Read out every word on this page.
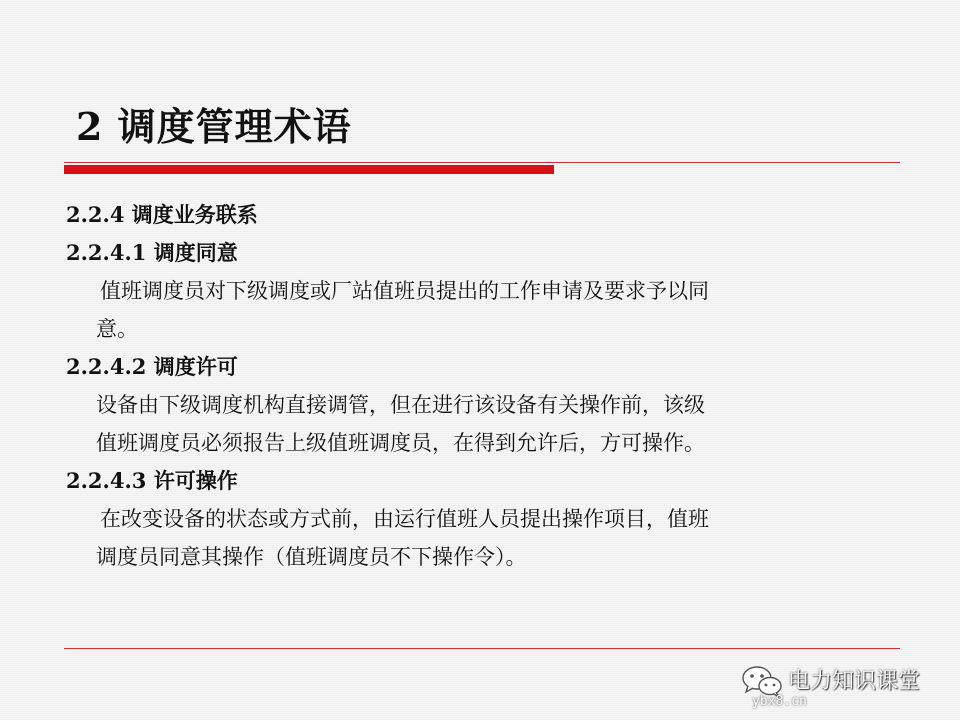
2 调度管理术语
2.2.4 调度业务联系
2.2.4.1 调度同意
值班调度员对下级调度或厂站值班员提出的工作申请及要求予以同
意。
2.2.4.2 调度许可
设备由下级调度机构直接调管，但在进行该设备有关操作前，该级
值班调度员必须报告上级值班调度员，在得到允许后，方可操作。
2.2.4.3 许可操作
在改变设备的状态或方式前，由运行值班人员提出操作项目，值班
调度员同意其操作（值班调度员不下操作令）。
电力知识课堂
ybx8.cn
